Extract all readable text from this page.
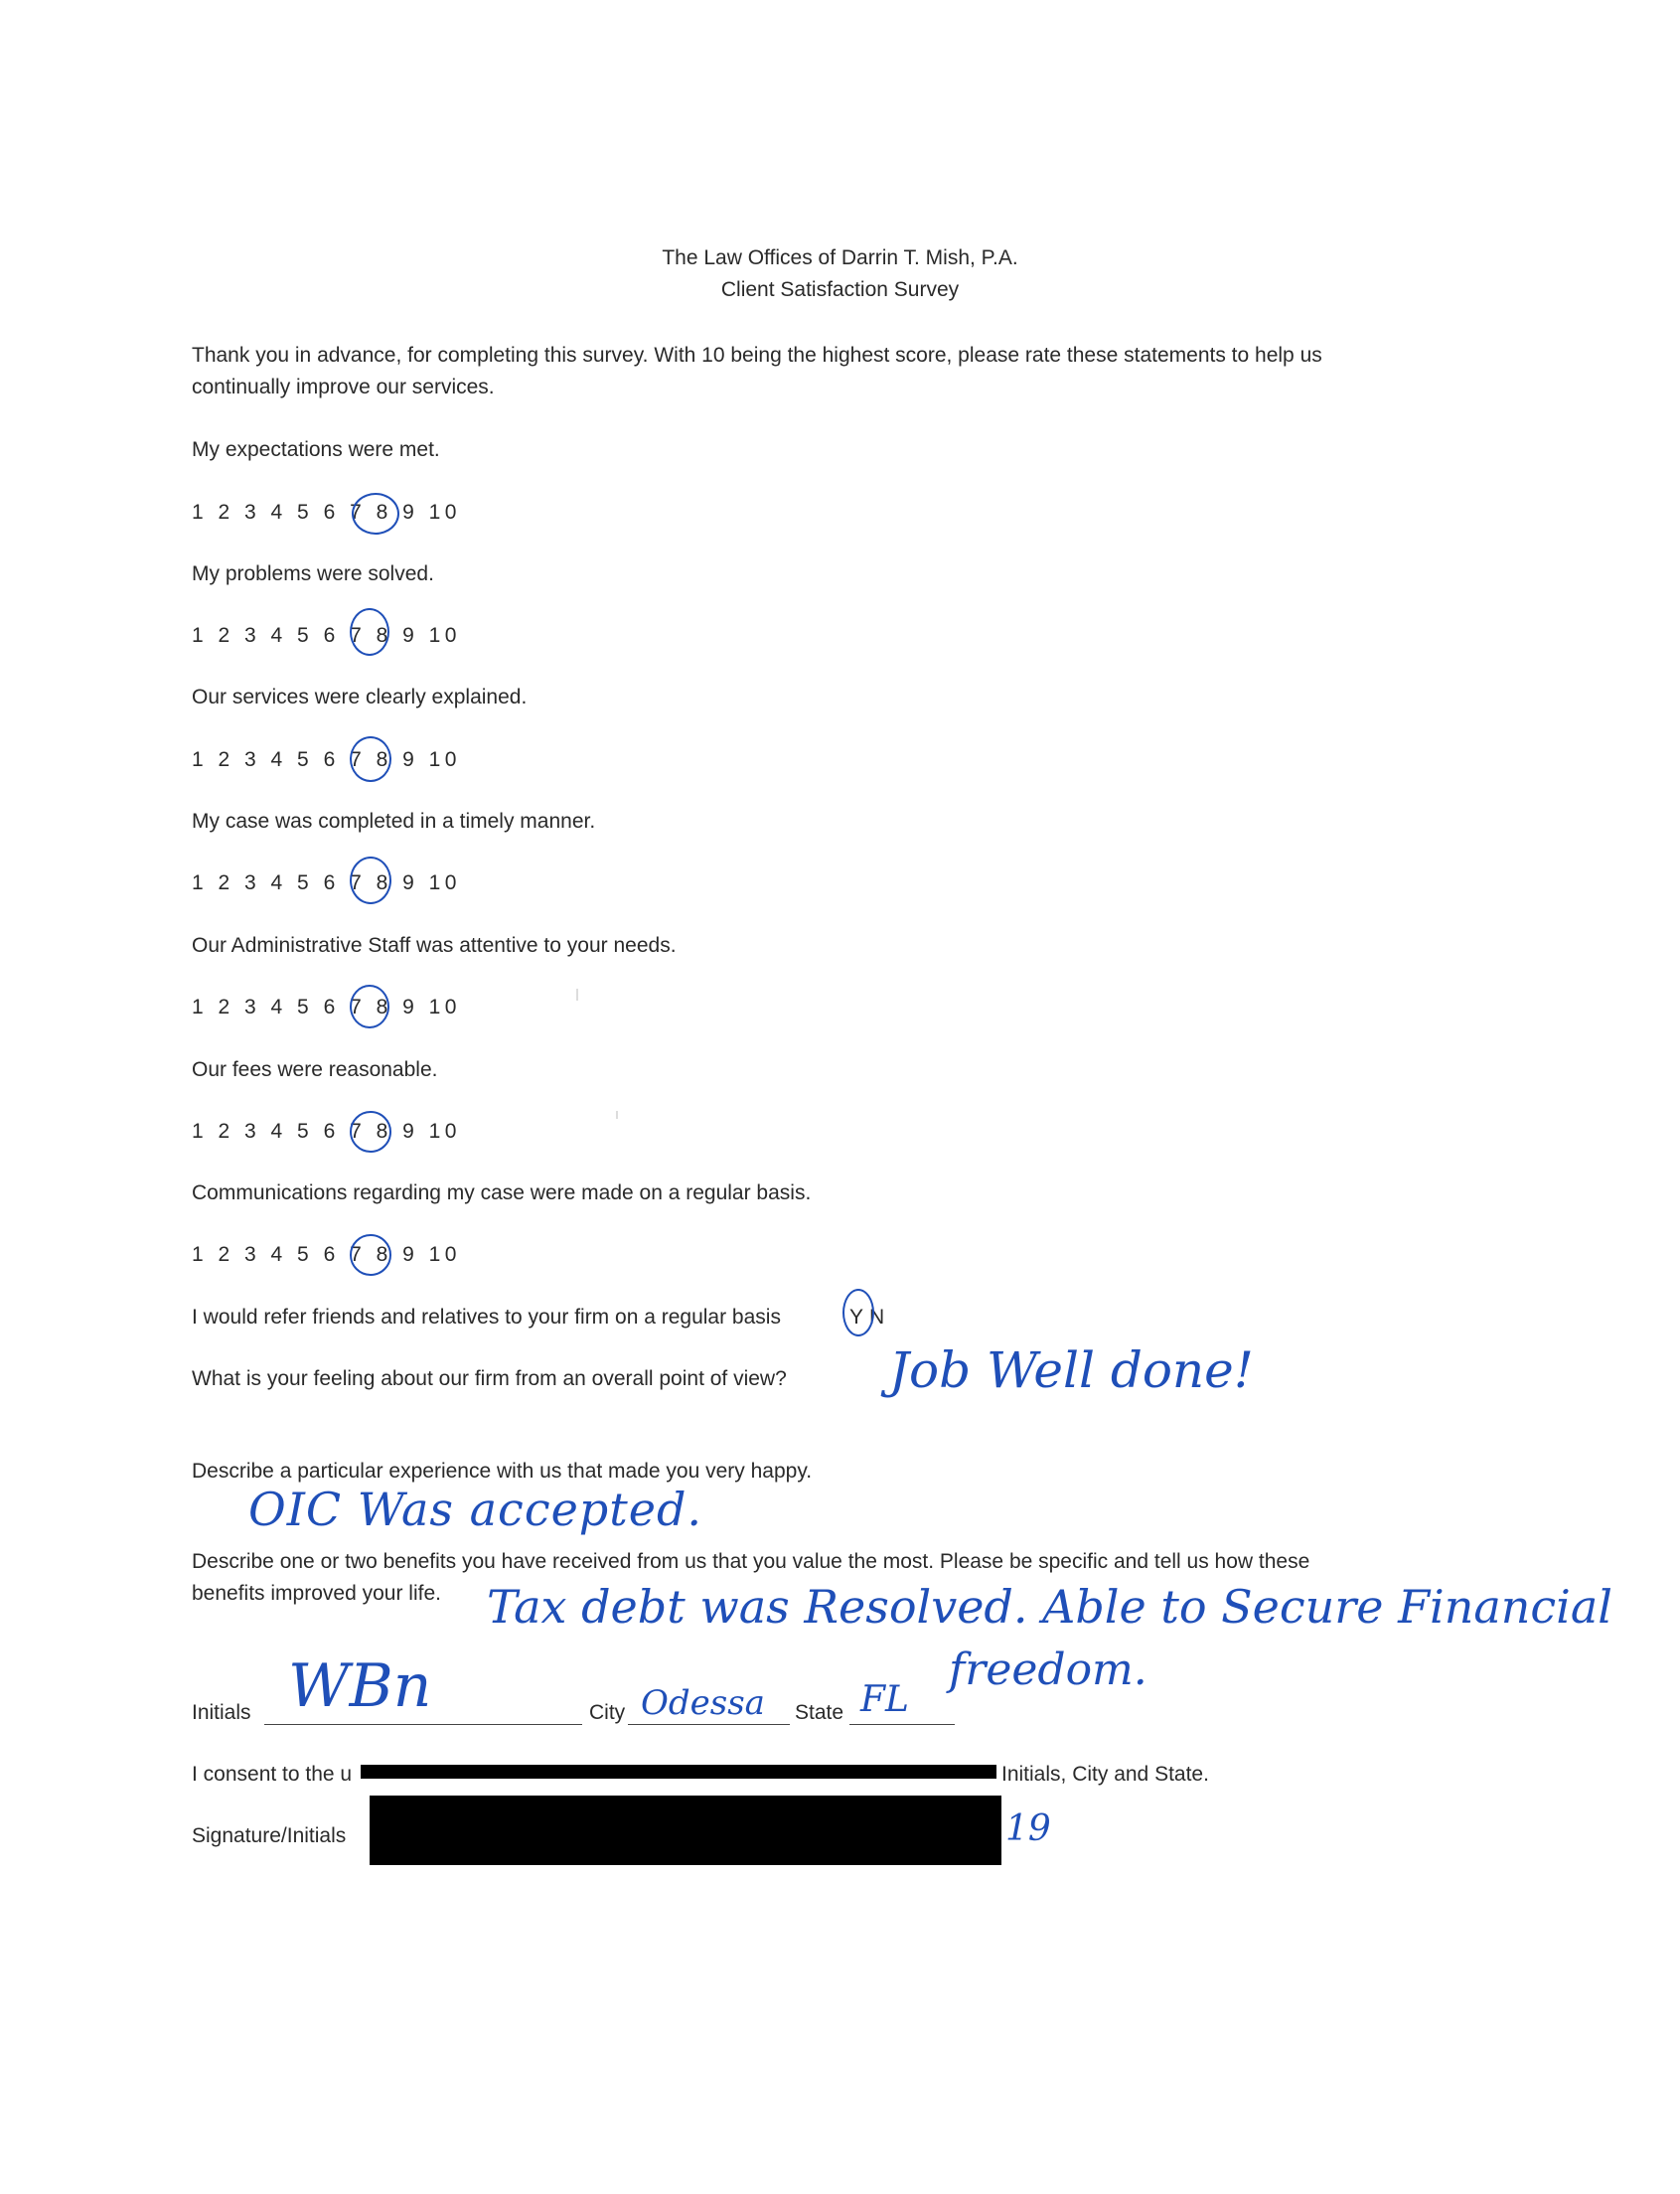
The Law Offices of Darrin T. Mish, P.A.
Client Satisfaction Survey
Thank you in advance, for completing this survey. With 10 being the highest score, please rate these statements to help us
continually improve our services.
My expectations were met.
1 2 3 4 5 6 7 8 9 10
My problems were solved.
1 2 3 4 5 6 7 8 9 10
Our services were clearly explained.
1 2 3 4 5 6 7 8 9 10
My case was completed in a timely manner.
1 2 3 4 5 6 7 8 9 10
Our Administrative Staff was attentive to your needs.
1 2 3 4 5 6 7 8 9 10
Our fees were reasonable.
1 2 3 4 5 6 7 8 9 10
Communications regarding my case were made on a regular basis.
1 2 3 4 5 6 7 8 9 10
I would refer friends and relatives to your firm on a regular basis	Y N
What is your feeling about our firm from an overall point of view? Job Well done!
Describe a particular experience with us that made you very happy.
OIC Was accepted.
Describe one or two benefits you have received from us that you value the most. Please be specific and tell us how these
benefits improved your life. Tax debt was Resolved. Able to Secure Financial
freedom.
Initials WBn	City Odessa State FL
I consent to the u	Initials, City and State.
Signature/Initials	19
